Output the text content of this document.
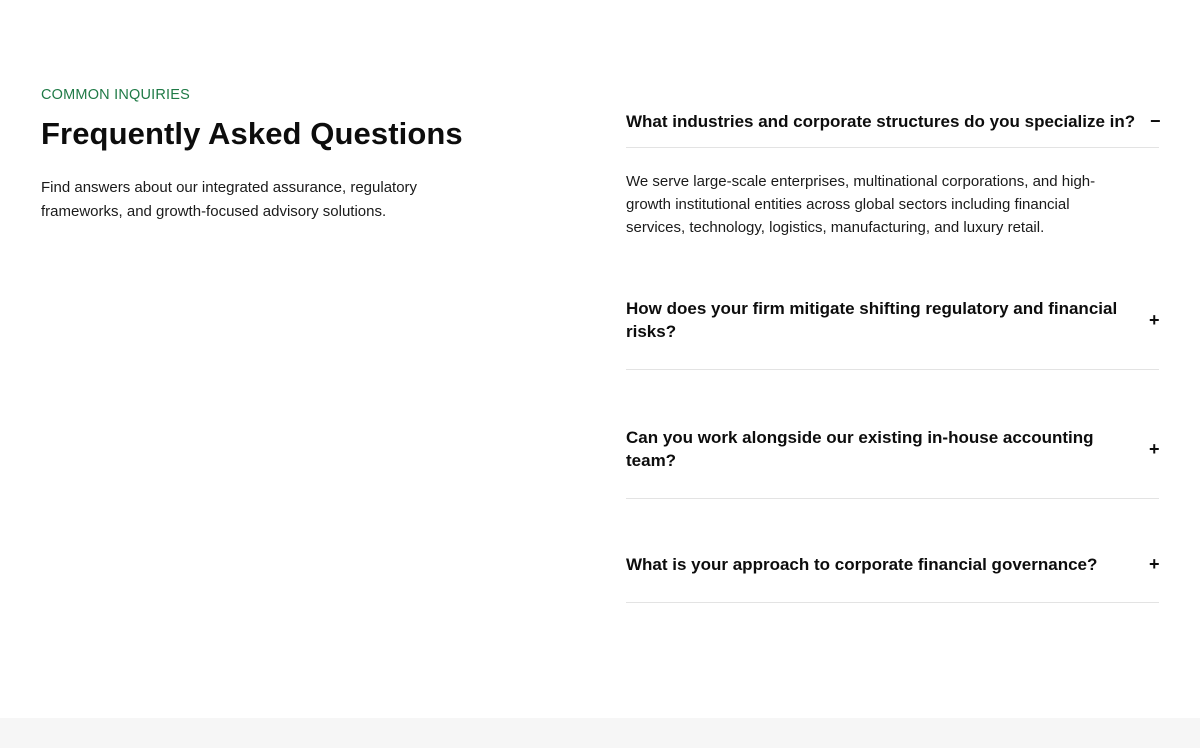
COMMON INQUIRIES

Frequently Asked Questions

Find answers about our integrated assurance, regulatory frameworks, and growth-focused advisory solutions.

What industries and corporate structures do you specialize in? −
We serve large-scale enterprises, multinational corporations, and high-growth institutional entities across global sectors including financial services, technology, logistics, manufacturing, and luxury retail.
How does your firm mitigate shifting regulatory and financial risks?
+
Can you work alongside our existing in-house accounting team?
+
What is your approach to corporate financial governance?	+
